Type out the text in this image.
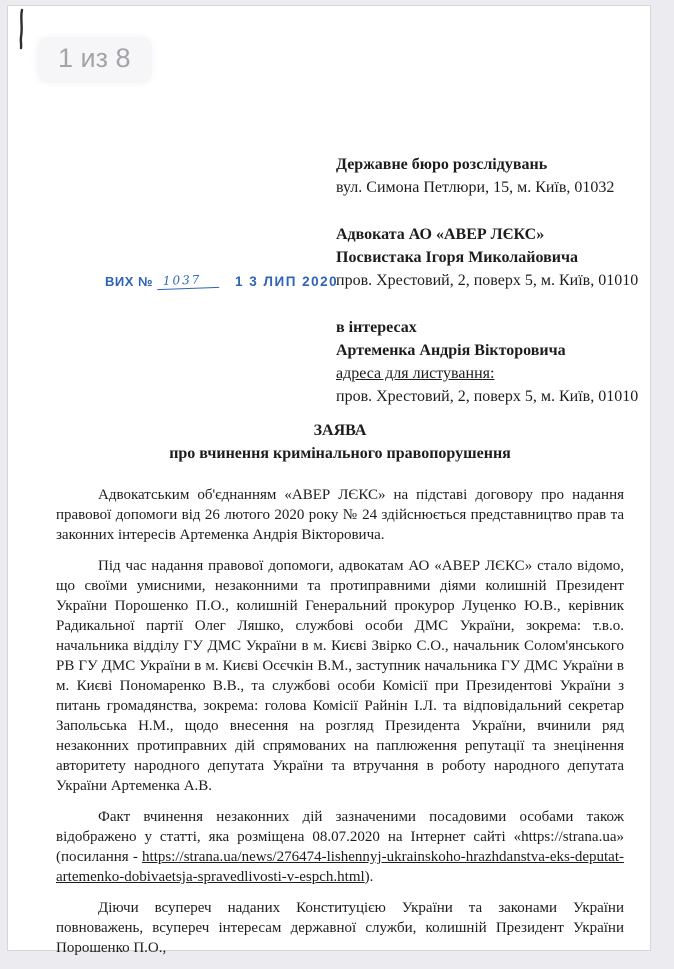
1 из 8
Державне бюро розслідувань
вул. Симона Петлюри, 15, м. Київ, 01032
Адвоката АО «АВЕР ЛЄКС»
Посвистака Ігоря Миколайовича
пров. Хрестовий, 2, поверх 5, м. Київ, 01010
в інтересах
Артеменка Андрія Вікторовича
адреса для листування:
пров. Хрестовий, 2, поверх 5, м. Київ, 01010
ВИХ № 1037	1 3 ЛИП 2020
ЗАЯВА
про вчинення кримінального правопорушення

Адвокатським об'єднанням «АВЕР ЛЄКС» на підставі договору про надання правової допомоги від 26 лютого 2020 року № 24 здійснюється представництво прав та законних інтересів Артеменка Андрія Вікторовича.

Під час надання правової допомоги, адвокатам АО «АВЕР ЛЄКС» стало відомо, що своїми умисними, незаконними та протиправними діями колишній Президент України Порошенко П.О., колишній Генеральний прокурор Луценко Ю.В., керівник Радикальної партії Олег Ляшко, службові особи ДМС України, зокрема: т.в.о. начальника відділу ГУ ДМС України в м. Києві Звірко С.О., начальник Солом'янського РВ ГУ ДМС України в м. Києві Осєчкін В.М., заступник начальника ГУ ДМС України в м. Києві Пономаренко В.В., та службові особи Комісії при Президентові України з питань громадянства, зокрема: голова Комісії Райнін І.Л. та відповідальний секретар Запольська Н.М., щодо внесення на розгляд Президента України, вчинили ряд незаконних протиправних дій спрямованих на паплюження репутації та знецінення авторитету народного депутата України та втручання в роботу народного депутата України Артеменка А.В.

Факт вчинення незаконних дій зазначеними посадовими особами також відображено у статті, яка розміщена 08.07.2020 на Інтернет сайті «https://strana.ua» (посилання - https://strana.ua/news/276474-lishennyj-ukrainskoho-hrazhdanstva-eks-deputat-artemenko-dobivaetsja-spravedlivosti-v-espch.html).

Діючи всупереч наданих Конституцією України та законами України повноважень, всупереч інтересам державної служби, колишній Президент України Порошенко П.О.,
